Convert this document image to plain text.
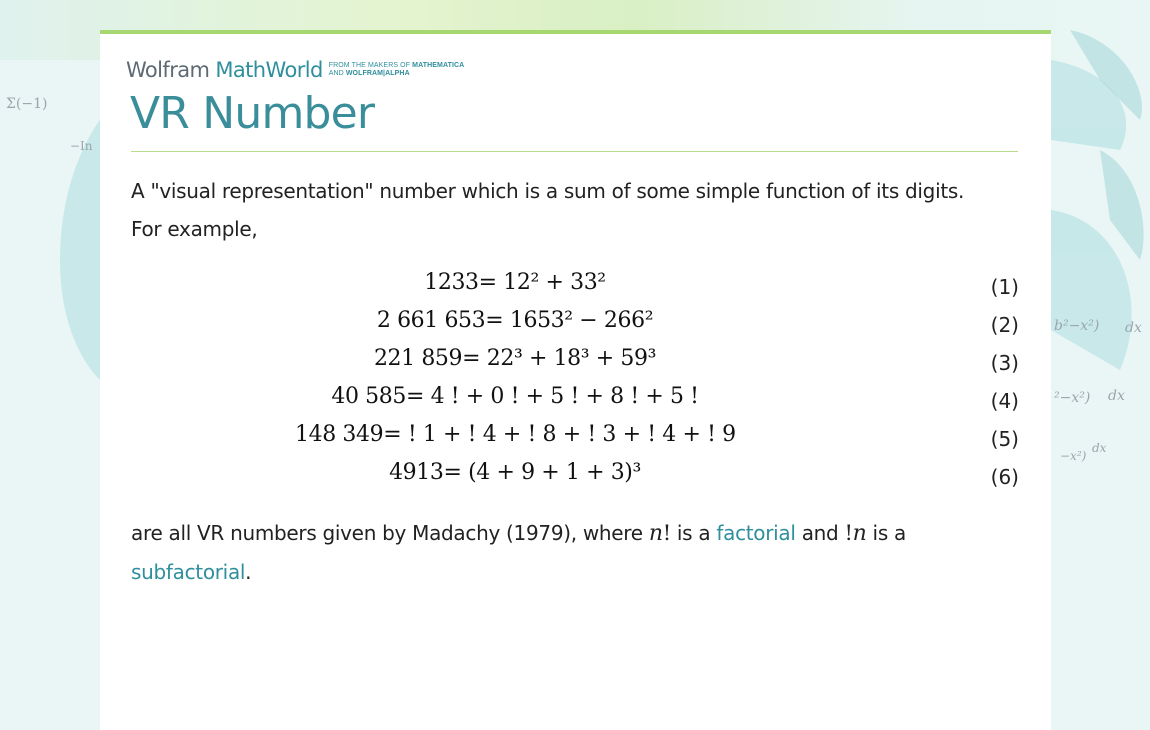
Σ(−1)
−In
b²−x²) dx
²−x²) dx
−x²)
dx
Wolfram MathWorld FROM THE MAKERS OF MATHEMATICA
AND WOLFRAM|ALPHA
VR Number

A "visual representation" number which is a sum of some simple function of its digits.
For example,

1233= 12² + 33²	(1)
2 661 653= 1653² − 266²	(2)
221 859= 22³ + 18³ + 59³	(3)
40 585= 4 ! + 0 ! + 5 ! + 8 ! + 5 !	(4)
148 349= ! 1 + ! 4 + ! 8 + ! 3 + ! 4 + ! 9	(5)
4913= (4 + 9 + 1 + 3)³	(6)

are all VR numbers given by Madachy (1979), where n! is a factorial and !n is a
subfactorial.
